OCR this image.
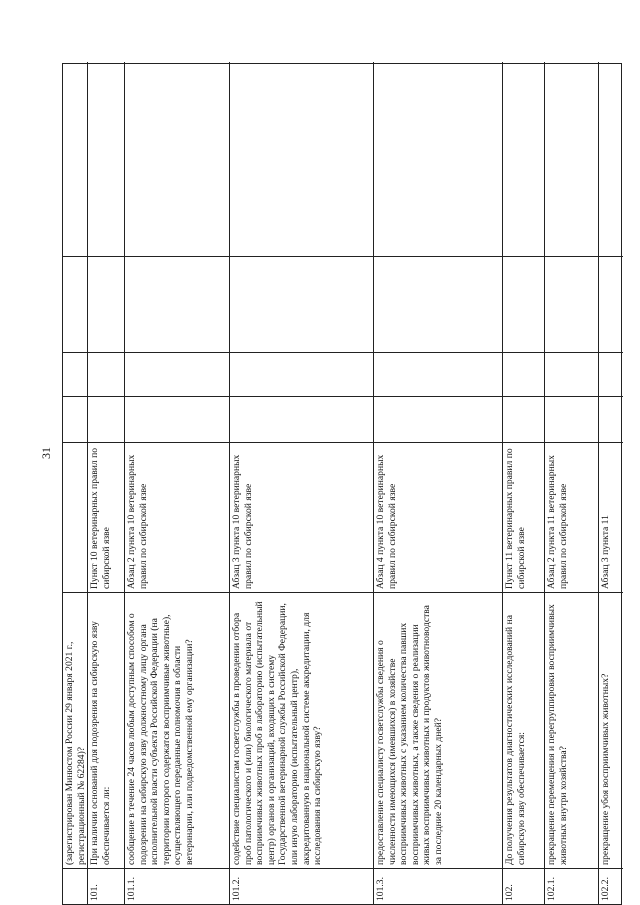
31
(зарегистрирован Минюстом России 29 января 2021 г., регистрационный № 62284)?
101.
При наличии оснований для подозрения на сибирскую язву обеспечивается ли:
Пункт 10 ветеринарных правил по сибирской язве
101.1.
сообщение в течение 24 часов любым доступным способом о подозрении на сибирскую язву должностному лицу органа исполнительной власти субъекта Российской Федерации (на территории которого содержатся восприимчивые животные), осуществляющего переданные полномочия в области ветеринарии, или подведомственной ему организации?
Абзац 2 пункта 10 ветеринарных правил по сибирской язве
101.2.
содействие специалистам госветслужбы в проведении отбора проб патологического и (или) биологического материала от восприимчивых животных проб в лабораторию (испытательный центр) органов и организаций, входящих в систему Государственной ветеринарной службы Российской Федерации, или иную лабораторию (испытательный центр), аккредитованную в национальной системе аккредитации, для исследования на сибирскую язву?
Абзац 3 пункта 10 ветеринарных правил по сибирской язве
101.3.
предоставление специалисту госветслужбы сведения о численности имеющихся (имевшихся) в хозяйстве восприимчивых животных с указанием количества павших восприимчивых животных, а также сведения о реализации живых восприимчивых животных и продуктов животноводства за последние 20 календарных дней?
Абзац 4 пункта 10 ветеринарных правил по сибирской язве
102.
До получения результатов диагностических исследований на сибирскую язву обеспечивается:
Пункт 11 ветеринарных правил по сибирской язве
102.1.
прекращение перемещения и перегруппировки восприимчивых животных внутри хозяйства?
Абзац 2 пункта 11 ветеринарных правил по сибирской язве
102.2.
прекращение убоя восприимчивых животных?
Абзац 3 пункта 11
